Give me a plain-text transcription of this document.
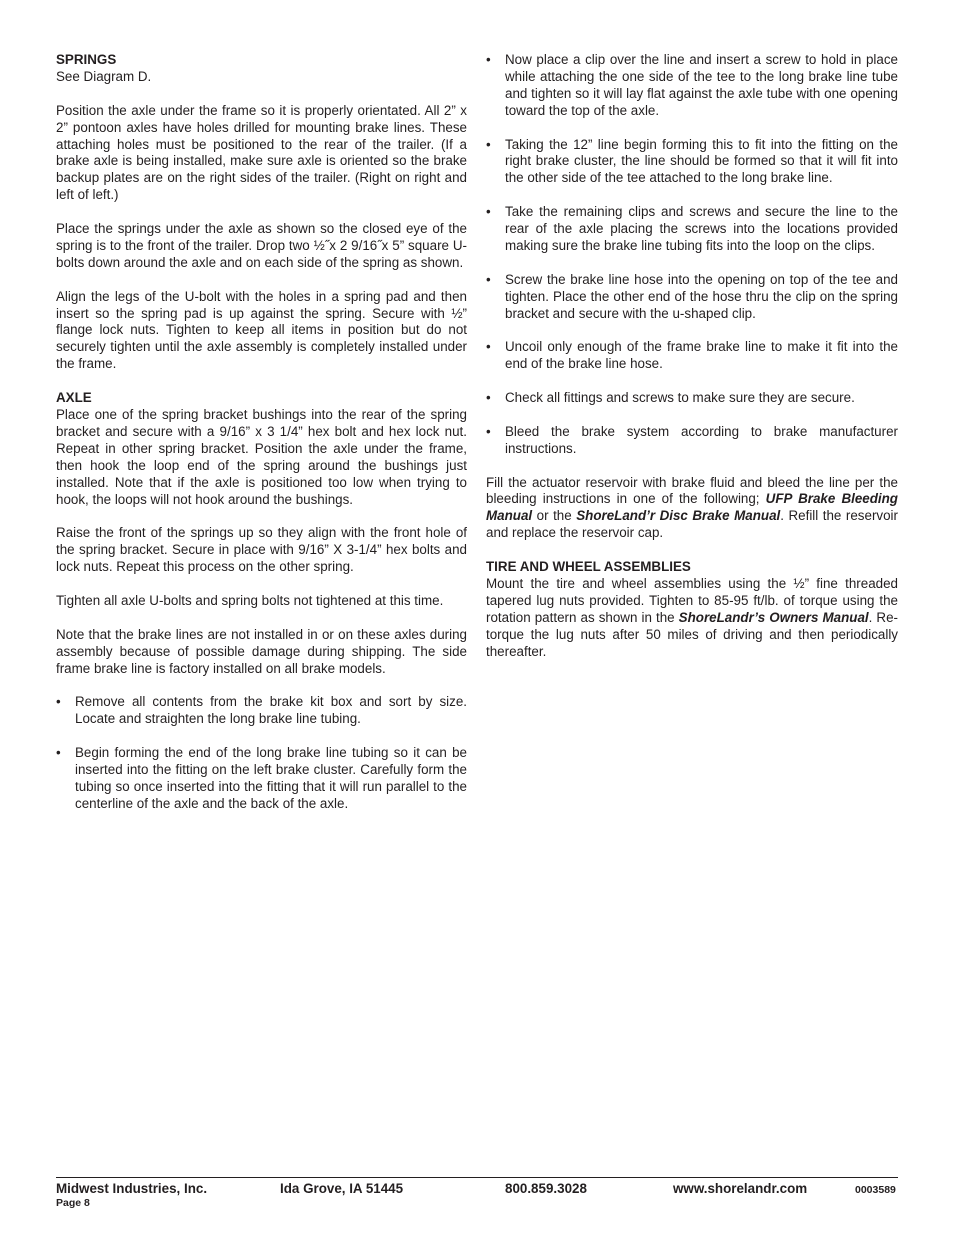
SPRINGS

See Diagram D.

Position the axle under the frame so it is properly orientated. All 2” x 2” pontoon axles have holes drilled for mounting brake lines. These attaching holes must be positioned to the rear of the trailer. (If a brake axle is being installed, make sure axle is oriented so the brake backup plates are on the right sides of the trailer. (Right on right and left of left.)

Place the springs under the axle as shown so the closed eye of the spring is to the front of the trailer. Drop two ½˝x 2 9/16˝x 5” square U-bolts down around the axle and on each side of the spring as shown.

Align the legs of the U-bolt with the holes in a spring pad and then insert so the spring pad is up against the spring. Secure with ½” flange lock nuts. Tighten to keep all items in position but do not securely tighten until the axle assembly is completely installed under the frame.

AXLE

Place one of the spring bracket bushings into the rear of the spring bracket and secure with a 9/16” x 3 1/4” hex bolt and hex lock nut. Repeat in other spring bracket. Position the axle under the frame, then hook the loop end of the spring around the bushings just installed. Note that if the axle is positioned too low when trying to hook, the loops will not hook around the bushings.

Raise the front of the springs up so they align with the front hole of the spring bracket. Secure in place with 9/16” X 3-1/4” hex bolts and lock nuts. Repeat this process on the other spring.

Tighten all axle U-bolts and spring bolts not tightened at this time.

Note that the brake lines are not installed in or on these axles during assembly because of possible damage during shipping. The side frame brake line is factory installed on all brake models.

• Remove all contents from the brake kit box and sort by size. Locate and straighten the long brake line tubing.
• Begin forming the end of the long brake line tubing so it can be inserted into the fitting on the left brake cluster. Carefully form the tubing so once inserted into the fitting that it will run parallel to the centerline of the axle and the back of the axle.
• Now place a clip over the line and insert a screw to hold in place while attaching the one side of the tee to the long brake line tube and tighten so it will lay flat against the axle tube with one opening toward the top of the axle.
• Taking the 12” line begin forming this to fit into the fitting on the right brake cluster, the line should be formed so that it will fit into the other side of the tee attached to the long brake line.
• Take the remaining clips and screws and secure the line to the rear of the axle placing the screws into the locations provided making sure the brake line tubing fits into the loop on the clips.
• Screw the brake line hose into the opening on top of the tee and tighten. Place the other end of the hose thru the clip on the spring bracket and secure with the u-shaped clip.
• Uncoil only enough of the frame brake line to make it fit into the end of the brake line hose.
• Check all fittings and screws to make sure they are secure.
• Bleed the brake system according to brake manufacturer instructions.

Fill the actuator reservoir with brake fluid and bleed the line per the bleeding instructions in one of the following; UFP Brake Bleeding Manual or the ShoreLand’r Disc Brake Manual. Refill the reservoir and replace the reservoir cap.

TIRE AND WHEEL ASSEMBLIES

Mount the tire and wheel assemblies using the ½” fine threaded tapered lug nuts provided. Tighten to 85-95 ft/lb. of torque using the rotation pattern as shown in the ShoreLandr’s Owners Manual. Re-torque the lug nuts after 50 miles of driving and then periodically thereafter.

Midwest Industries, Inc.	Ida Grove, IA 51445	800.859.3028	www.shorelandr.com	0003589
Page 8
